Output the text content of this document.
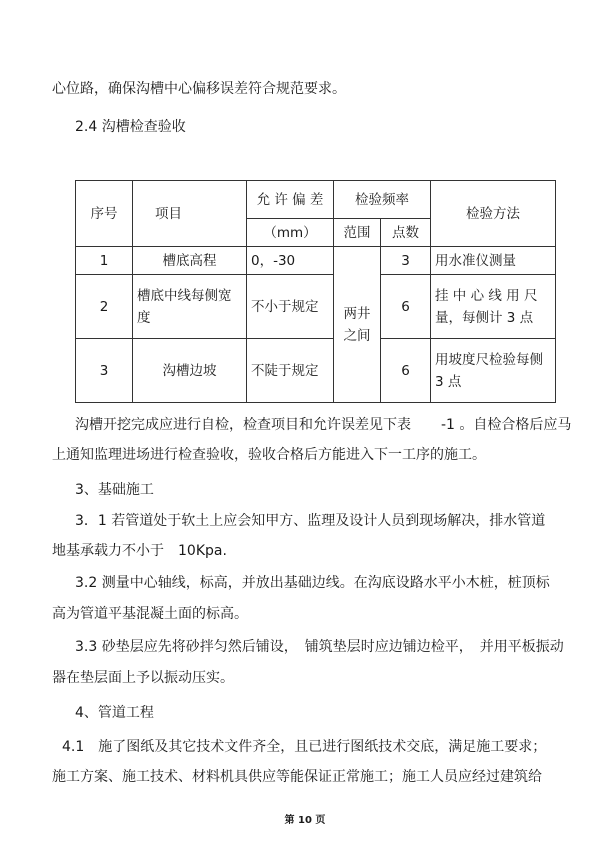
心位路，确保沟槽中心偏移误差符合规范要求。
2.4 沟槽检查验收
序号	项目	允 许 偏 差	检验频率		检验方法
		（mm）	范围	点数	
1	槽底高程	0，-30	两井之间	3	用水准仪测量
2	槽底中线每侧宽度	不小于规定		6	挂 中 心 线 用 尺 量，每侧计 3 点
3	沟槽边坡	不陡于规定		6	用坡度尺检验每侧 3 点
沟槽开挖完成应进行自检，检查项目和允许误差见下表 -1 。自检合格后应马
上通知监理进场进行检查验收，验收合格后方能进入下一工序的施工。
3、基础施工
3．1 若管道处于软土上应会知甲方、监理及设计人员到现场解决，排水管道
地基承载力不小于　10Kpa.
3.2 测量中心轴线，标高，并放出基础边线。在沟底设路水平小木桩，桩顶标
高为管道平基混凝土面的标高。
3.3 砂垫层应先将砂拌匀然后铺设，　铺筑垫层时应边铺边检平，　并用平板振动
器在垫层面上予以振动压实。
4、管道工程
4.1　施了图纸及其它技术文件齐全，且已进行图纸技术交底，满足施工要求；
施工方案、施工技术、材料机具供应等能保证正常施工；施工人员应经过建筑给
第 10 页
